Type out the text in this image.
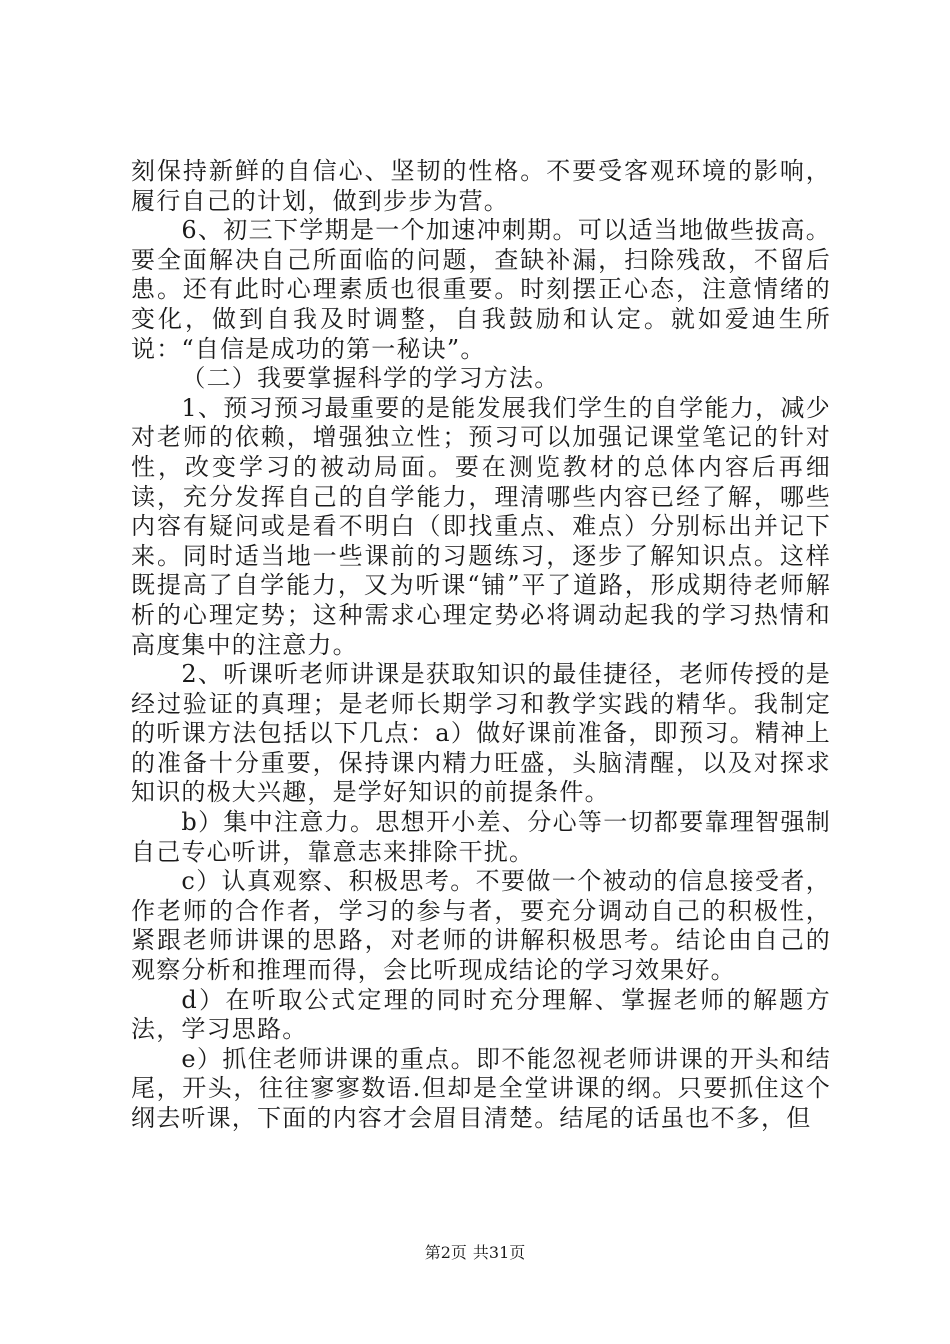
刻保持新鲜的自信心、坚韧的性格。不要受客观环境的影响，履行自己的计划，做到步步为营。

6、初三下学期是一个加速冲刺期。可以适当地做些拔高。要全面解决自己所面临的问题，查缺补漏，扫除残敌，不留后患。还有此时心理素质也很重要。时刻摆正心态，注意情绪的变化，做到自我及时调整，自我鼓励和认定。就如爱迪生所说：“自信是成功的第一秘诀”。

（二）我要掌握科学的学习方法。

1、预习预习最重要的是能发展我们学生的自学能力，减少对老师的依赖，增强独立性；预习可以加强记课堂笔记的针对性，改变学习的被动局面。要在测览教材的总体内容后再细读，充分发挥自己的自学能力，理清哪些内容已经了解，哪些内容有疑问或是看不明白（即找重点、难点）分别标出并记下来。同时适当地一些课前的习题练习，逐步了解知识点。这样既提高了自学能力，又为听课“铺”平了道路，形成期待老师解析的心理定势；这种需求心理定势必将调动起我的学习热情和高度集中的注意力。

2、听课听老师讲课是获取知识的最佳捷径，老师传授的是经过验证的真理；是老师长期学习和教学实践的精华。我制定的听课方法包括以下几点：a）做好课前准备，即预习。精神上的准备十分重要，保持课内精力旺盛，头脑清醒，以及对探求知识的极大兴趣，是学好知识的前提条件。

b）集中注意力。思想开小差、分心等一切都要靠理智强制自己专心听讲，靠意志来排除干扰。

c）认真观察、积极思考。不要做一个被动的信息接受者，作老师的合作者，学习的参与者，要充分调动自己的积极性，紧跟老师讲课的思路，对老师的讲解积极思考。结论由自己的观察分析和推理而得，会比听现成结论的学习效果好。

d）在听取公式定理的同时充分理解、掌握老师的解题方法，学习思路。

e）抓住老师讲课的重点。即不能忽视老师讲课的开头和结尾，开头，往往寥寥数语.但却是全堂讲课的纲。只要抓住这个纲去听课，下面的内容才会眉目清楚。结尾的话虽也不多，但

第2页 共31页
